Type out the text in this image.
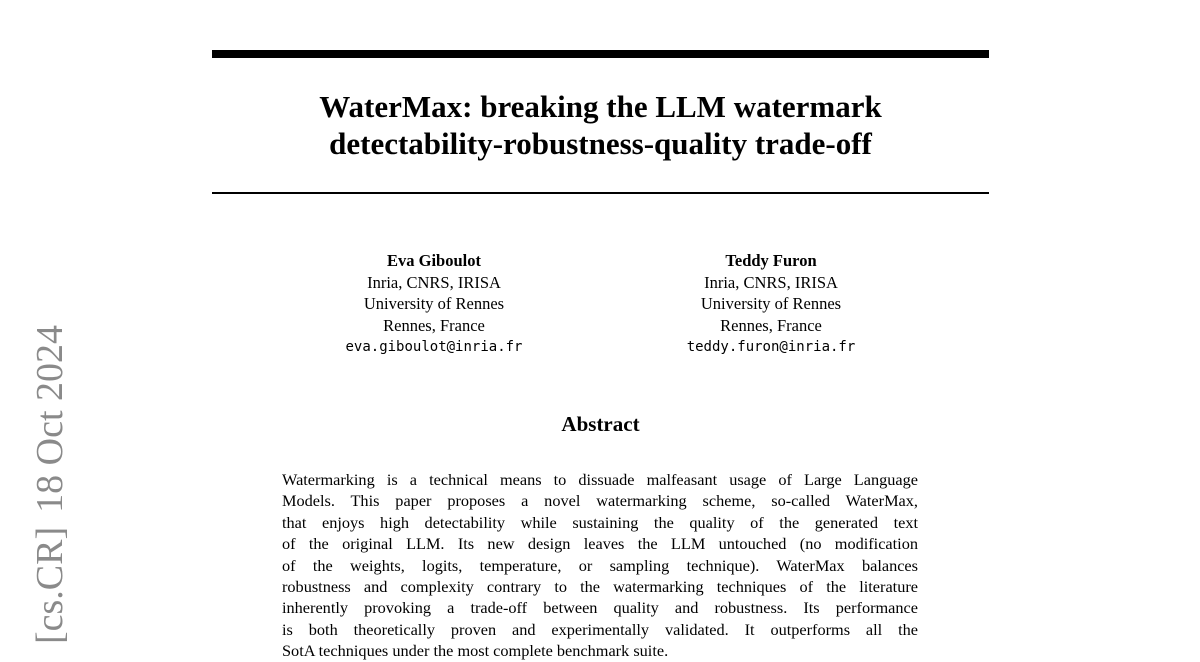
WaterMax: breaking the LLM watermark
detectability-robustness-quality trade-off
Eva Giboulot
Inria, CNRS, IRISA
University of Rennes
Rennes, France
eva.giboulot@inria.fr
Teddy Furon
Inria, CNRS, IRISA
University of Rennes
Rennes, France
teddy.furon@inria.fr
Abstract
Watermarking is a technical means to dissuade malfeasant usage of Large Language
Models. This paper proposes a novel watermarking scheme, so-called WaterMax,
that enjoys high detectability while sustaining the quality of the generated text
of the original LLM. Its new design leaves the LLM untouched (no modification
of the weights, logits, temperature, or sampling technique). WaterMax balances
robustness and complexity contrary to the watermarking techniques of the literature
inherently provoking a trade-off between quality and robustness. Its performance
is both theoretically proven and experimentally validated. It outperforms all the
SotA techniques under the most complete benchmark suite.
[cs.CR]18 Oct 2024
